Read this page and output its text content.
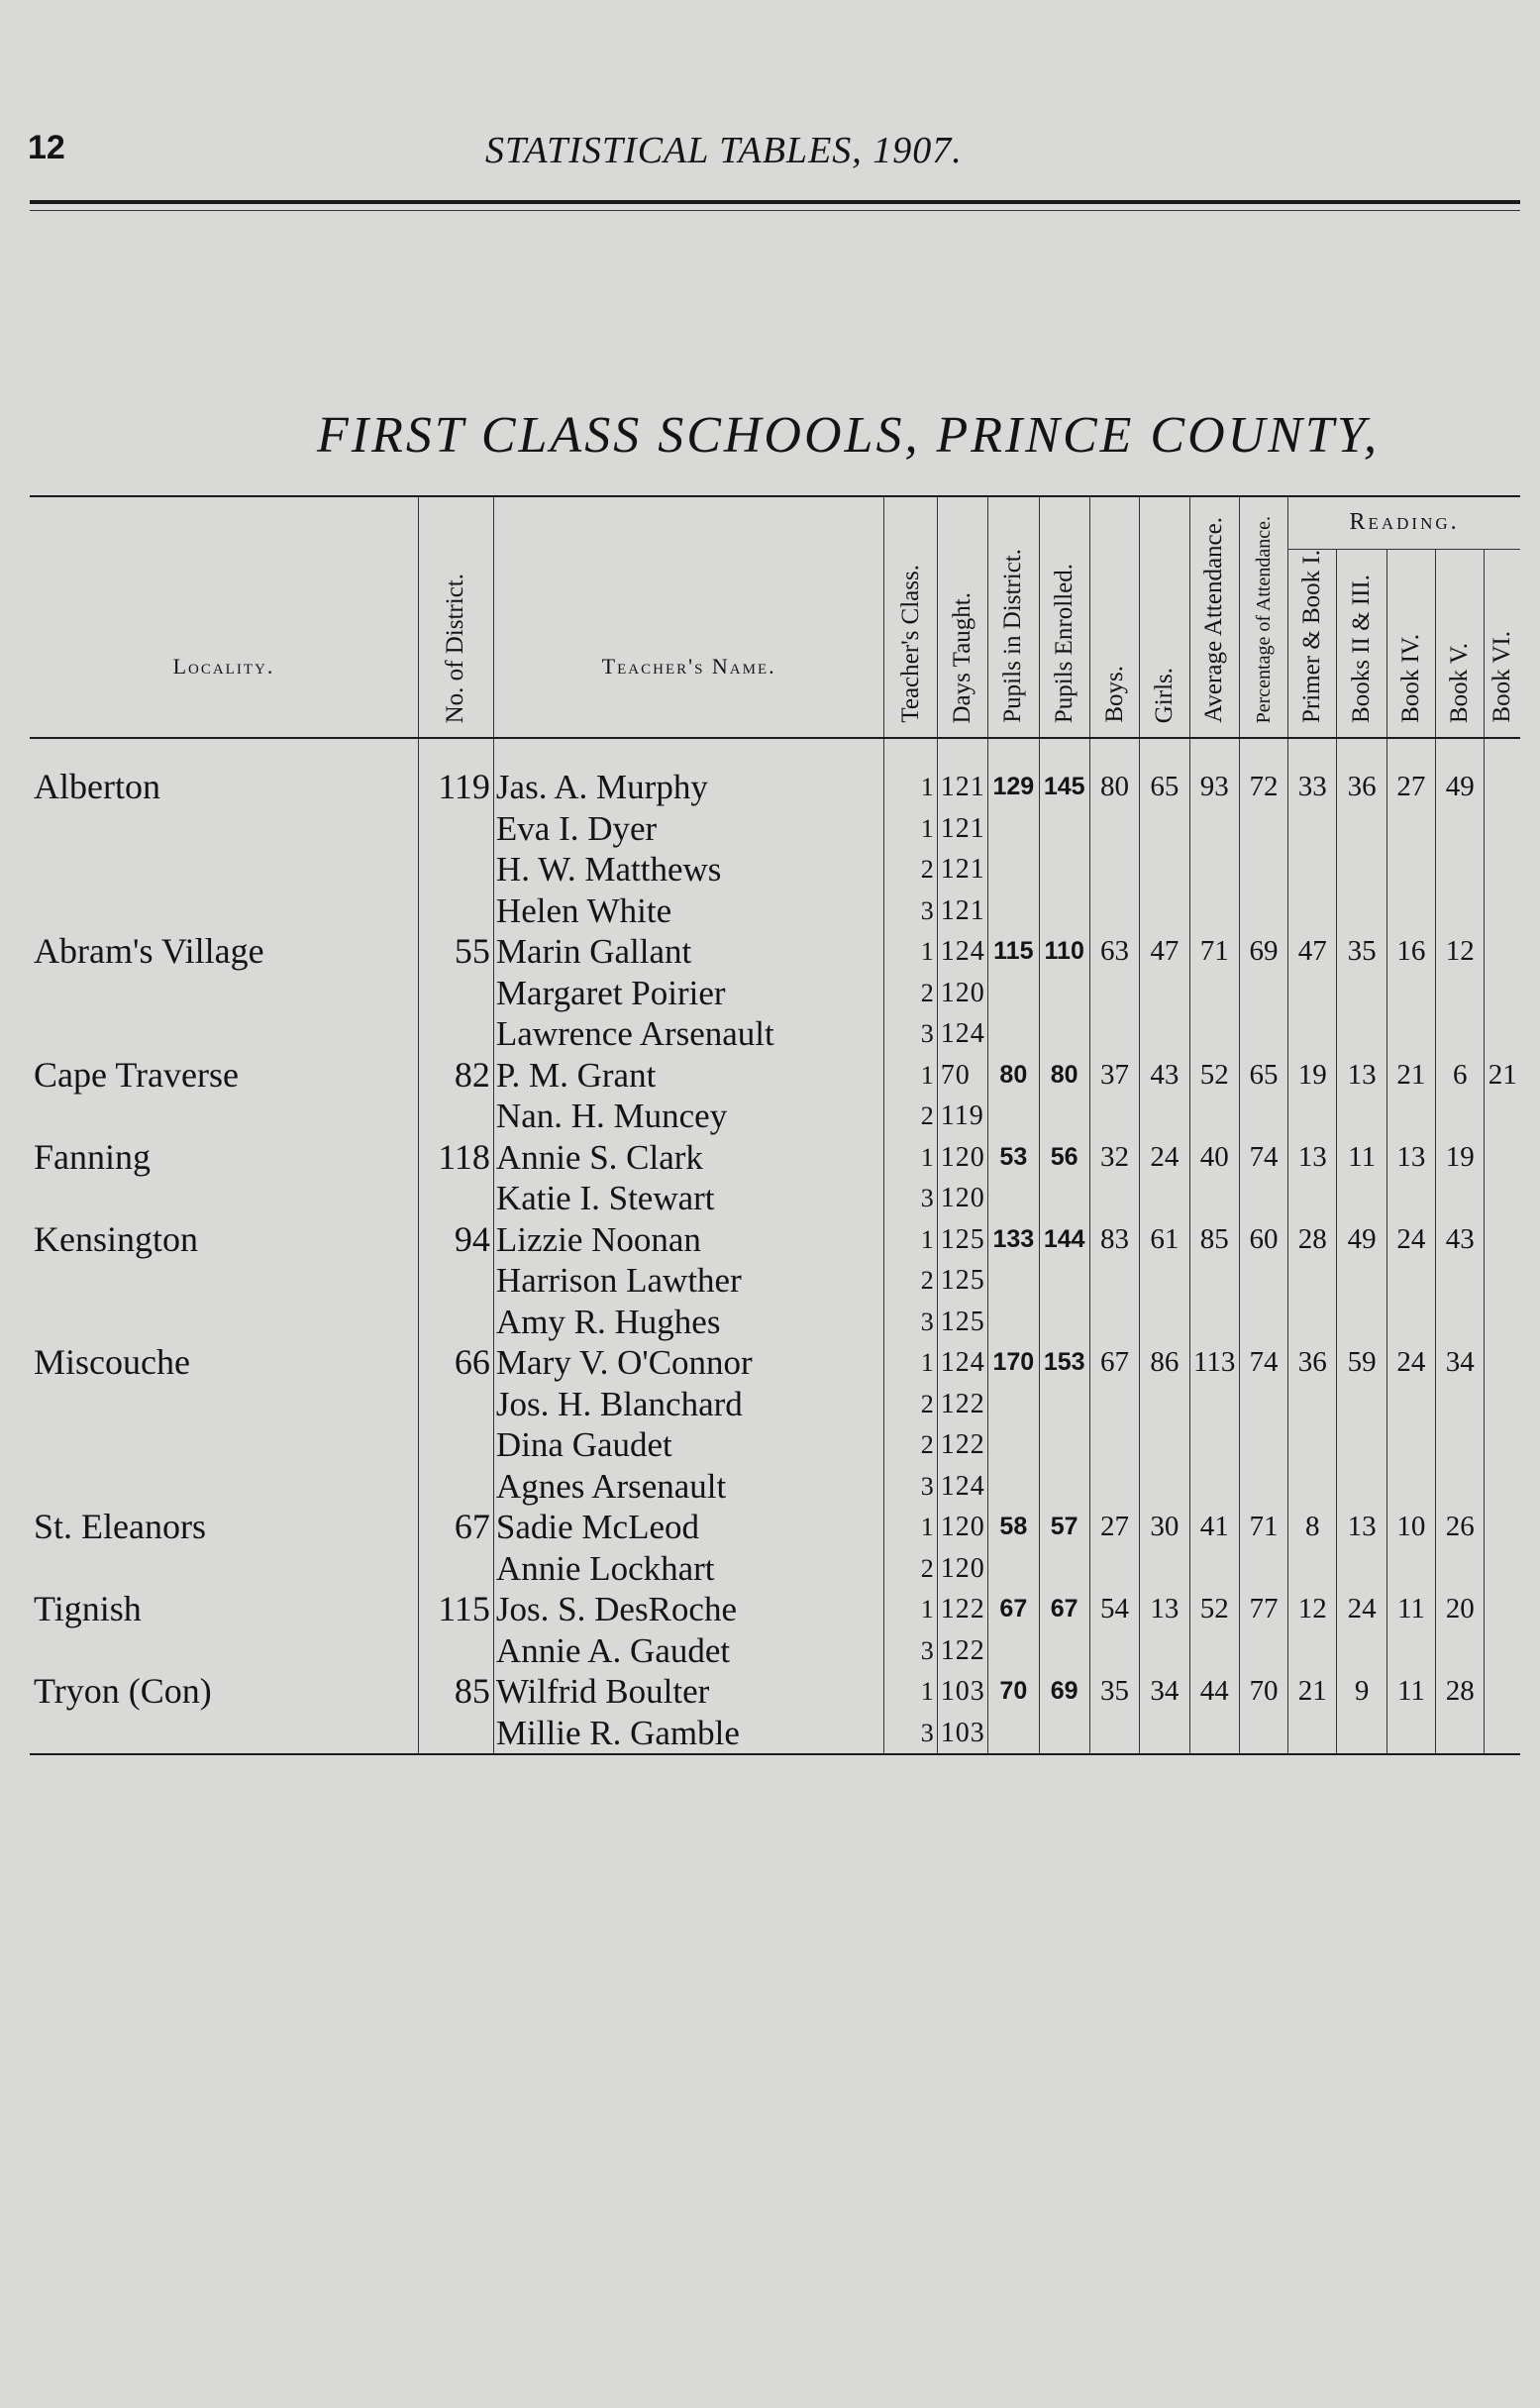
12	STATISTICAL TABLES, 1907.
FIRST CLASS SCHOOLS, PRINCE COUNTY,
Locality.	No. of District.	Teacher's Name.	Teacher's Class.	Days Taught.	Pupils in District.	Pupils Enrolled.	Boys.	Girls.	Average Attendance.	Percentage of Attendance.	Reading.				

											Primer & Book I.	Books II & III.	Book IV.	Book V.	Book VI.

Alberton	119	Jas. A. Murphy	1	121	129	145	80	65	93	72	33	36	27	49	
		Eva I. Dyer	1	121											
		H. W. Matthews	2	121											
		Helen White	3	121											
Abram's Village	55	Marin Gallant	1	124	115	110	63	47	71	69	47	35	16	12	
		Margaret Poirier	2	120											
		Lawrence Arsenault	3	124											
Cape Traverse	82	P. M. Grant	1	70	80	80	37	43	52	65	19	13	21	6	21
		Nan. H. Muncey	2	119											
Fanning	118	Annie S. Clark	1	120	53	56	32	24	40	74	13	11	13	19	
		Katie I. Stewart	3	120											
Kensington	94	Lizzie Noonan	1	125	133	144	83	61	85	60	28	49	24	43	
		Harrison Lawther	2	125											
		Amy R. Hughes	3	125											
Miscouche	66	Mary V. O'Connor	1	124	170	153	67	86	113	74	36	59	24	34	
		Jos. H. Blanchard	2	122											
		Dina Gaudet	2	122											
		Agnes Arsenault	3	124											
St. Eleanors	67	Sadie McLeod	1	120	58	57	27	30	41	71	8	13	10	26	
		Annie Lockhart	2	120											
Tignish	115	Jos. S. DesRoche	1	122	67	67	54	13	52	77	12	24	11	20	
		Annie A. Gaudet	3	122											
Tryon (Con)	85	Wilfrid Boulter	1	103	70	69	35	34	44	70	21	9	11	28	
		Millie R. Gamble	3	103											
